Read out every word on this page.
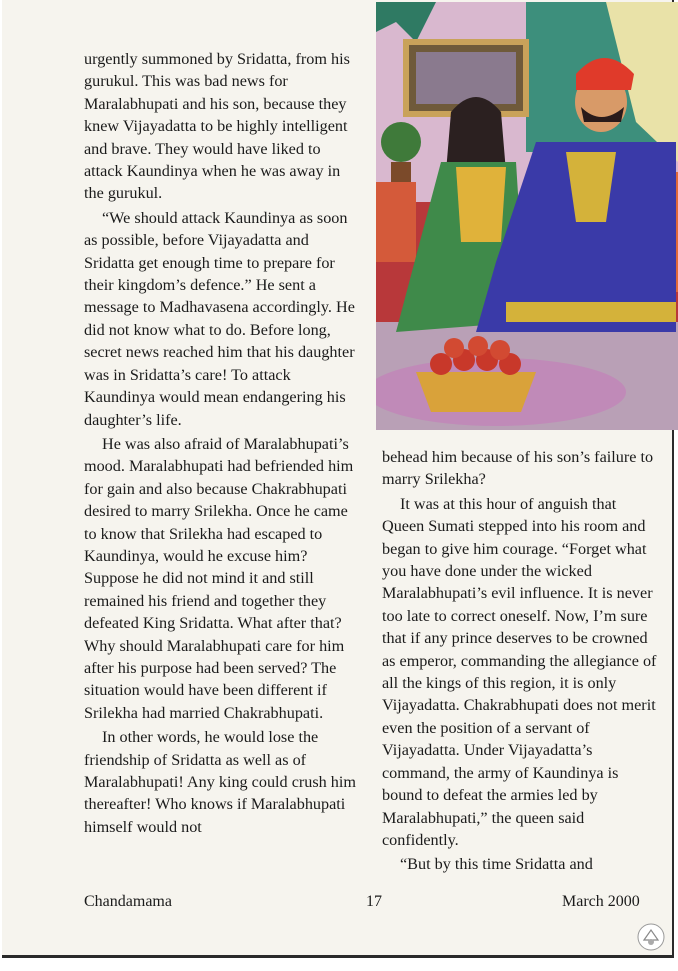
urgently summoned by Sridatta, from his gurukul. This was bad news for Maralabhupati and his son, because they knew Vijayadatta to be highly intelligent and brave. They would have liked to attack Kaundinya when he was away in the gurukul.

“We should attack Kaundinya as soon as possible, before Vijayadatta and Sridatta get enough time to prepare for their kingdom’s defence.” He sent a message to Madhavasena accordingly. He did not know what to do. Before long, secret news reached him that his daughter was in Sridatta’s care! To attack Kaundinya would mean endangering his daughter’s life.

He was also afraid of Maralabhupati’s mood. Maralabhupati had befriended him for gain and also because Chakrabhupati desired to marry Srilekha. Once he came to know that Srilekha had escaped to Kaundinya, would he excuse him? Suppose he did not mind it and still remained his friend and together they defeated King Sridatta. What after that? Why should Maralabhupati care for him after his purpose had been served? The situation would have been different if Srilekha had married Chakrabhupati.

In other words, he would lose the friendship of Sridatta as well as of Maralabhupati! Any king could crush him thereafter! Who knows if Maralabhupati himself would not

behead him because of his son’s failure to marry Srilekha?

It was at this hour of anguish that Queen Sumati stepped into his room and began to give him courage. “Forget what you have done under the wicked Maralabhupati’s evil influence. It is never too late to correct oneself. Now, I’m sure that if any prince deserves to be crowned as emperor, commanding the allegiance of all the kings of this region, it is only Vijayadatta. Chakrabhupati does not merit even the position of a servant of Vijayadatta. Under Vijayadatta’s command, the army of Kaundinya is bound to defeat the armies led by Maralabhupati,” the queen said confidently.

“But by this time Sridatta and

Chandamama	17	March 2000
